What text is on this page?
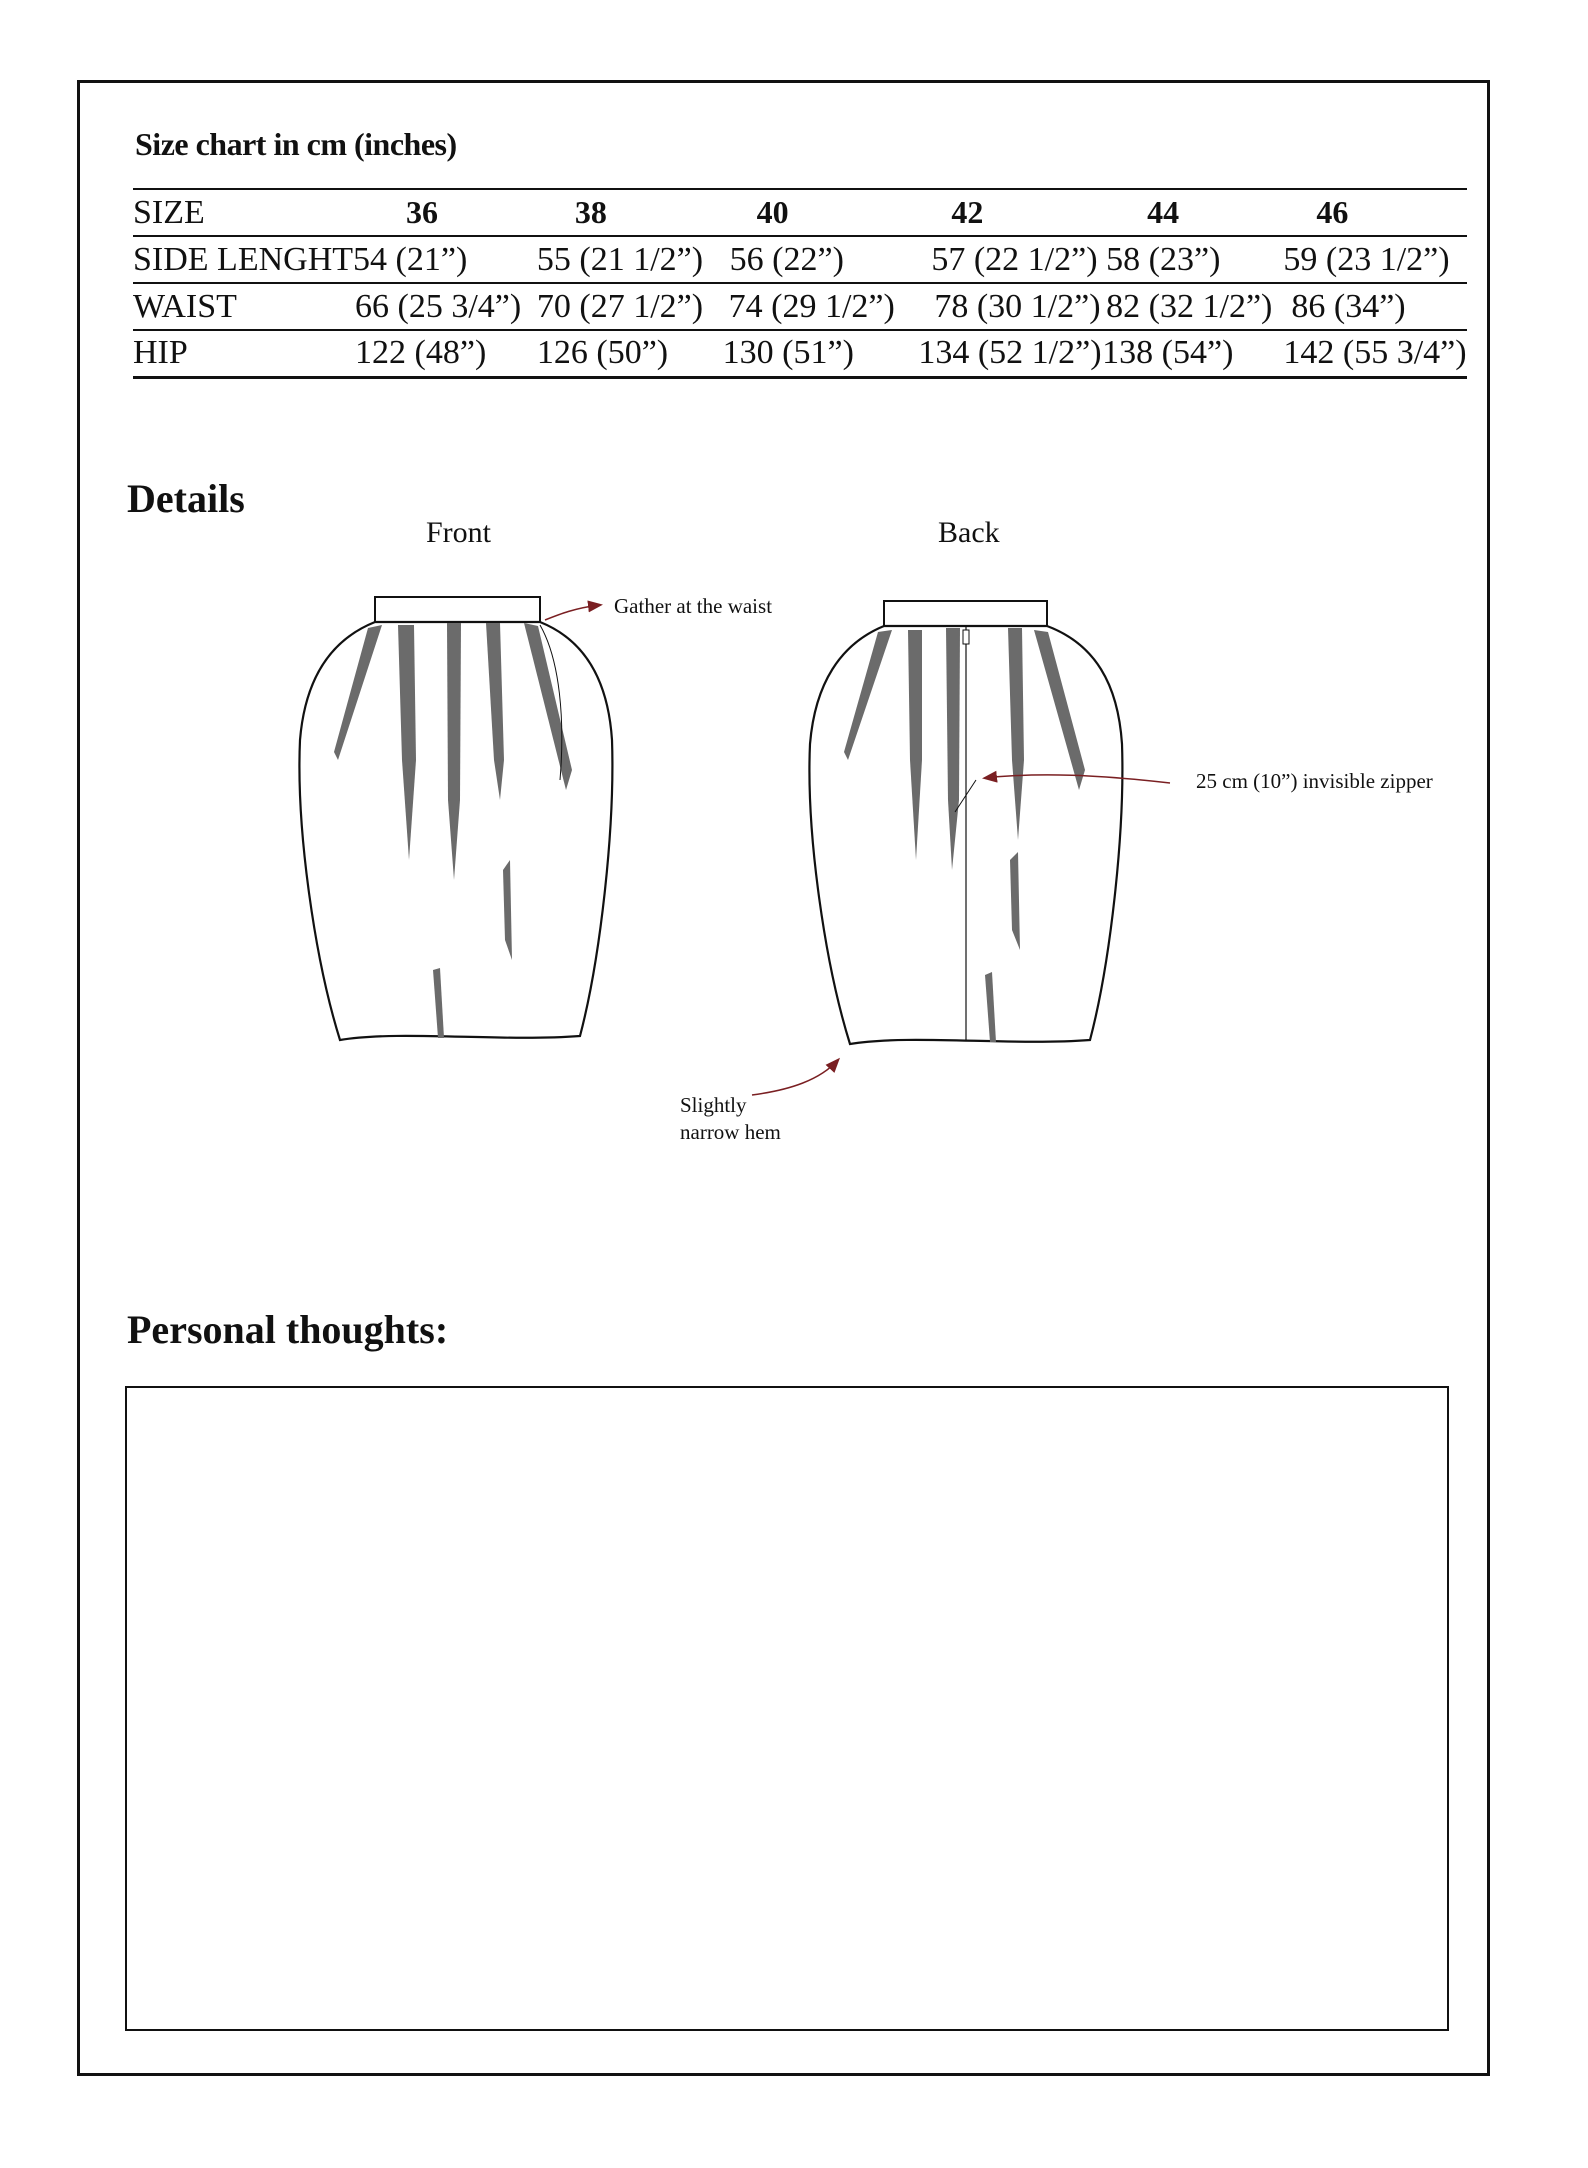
Size chart in cm (inches)
SIZE	36	38	40	42	44	46
SIDE LENGHT	54 (21”)	55 (21 1/2”)	56 (22”)	57 (22 1/2”)	58 (23”)	59 (23 1/2”)
WAIST	66 (25 3/4”)	70 (27 1/2”)	74 (29 1/2”)	78 (30 1/2”)	82 (32 1/2”)	86 (34”)
HIP	122 (48”)	126 (50”)	130 (51”)	134 (52 1/2”)	138 (54”)	142 (55 3/4”)
Details
Front	Back
Gather at the waist
25 cm (10”) invisible zipper
Slightly
narrow hem
Personal thoughts:
